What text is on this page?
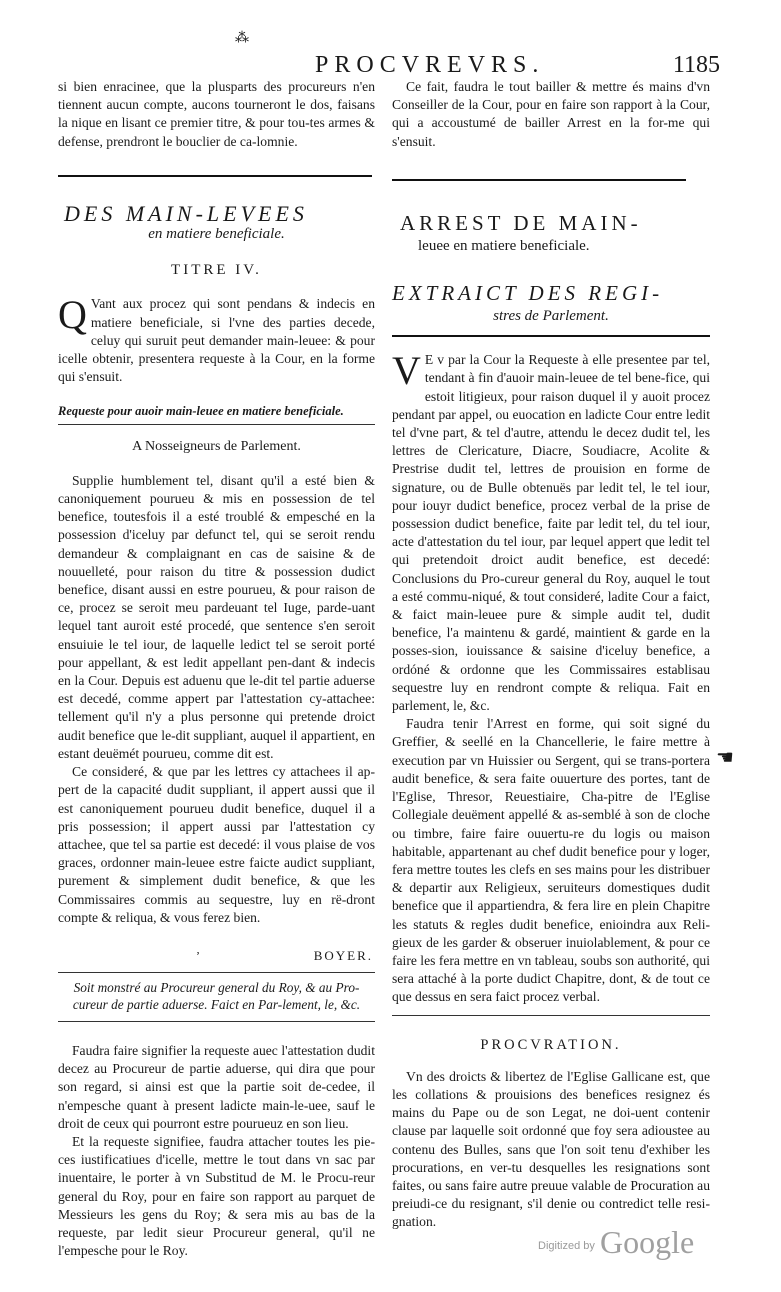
⁂
PROCVREVRS.	1185

si bien enracinee, que la plusparts des procureurs n'en tiennent aucun compte, aucons tourneront le dos, faisans la nique en lisant ce premier titre, & pour tou-tes armes & defense, prendront le bouclier de ca-lomnie.

DES MAIN-LEVEES
en matiere beneficiale.
TITRE IV.

Q Vant aux procez qui sont pendans & indecis en matiere beneficiale, si l'vne des parties decede, celuy qui suruit peut demander main-leuee: & pour icelle obtenir, presentera requeste à la Cour, en la forme qui s'ensuit.

Requeste pour auoir main-leuee en matiere beneficiale.
A Nosseigneurs de Parlement.

Supplie humblement tel, disant qu'il a esté bien & canoniquement pourueu & mis en possession de tel benefice, toutesfois il a esté troublé & empesché en la possession d'iceluy par defunct tel, qui se seroit rendu demandeur & complaignant en cas de saisine & de nouuelleté, pour raison du titre & possession dudict benefice, disant aussi en estre pourueu, & pour raison de ce, procez se seroit meu pardeuant tel Iuge, parde-uant lequel tant auroit esté procedé, que sentence s'en seroit ensuiuie le tel iour, de laquelle ledict tel se seroit porté pour appellant, & est ledit appellant pen-dant & indecis en la Cour. Depuis est aduenu que le-dit tel partie aduerse est decedé, comme appert par l'attestation cy-attachee: tellement qu'il n'y a plus personne qui pretende droict audit benefice que le-dit suppliant, auquel il appartient, en estant deuëmét pourueu, comme dit est.

Ce consideré, & que par les lettres cy attachees il ap-pert de la capacité dudit suppliant, il appert aussi que il est canoniquement pourueu dudit benefice, duquel il a pris possession; il appert aussi par l'attestation cy attachee, que tel sa partie est decedé: il vous plaise de vos graces, ordonner main-leuee estre faicte audict suppliant, purement & simplement dudit benefice, & que les Commissaires commis au sequestre, luy en rë-dront compte & reliqua, & vous ferez bien.

ʼ	BOYER.
Soit monstré au Procureur general du Roy, & au Pro-cureur de partie aduerse. Faict en Par-lement, le, &c.

Faudra faire signifier la requeste auec l'attestation dudit decez au Procureur de partie aduerse, qui dira que pour son regard, si ainsi est que la partie soit de-cedee, il n'empesche quant à present ladicte main-le-uee, sauf le droit de ceux qui pourront estre pourueuz en son lieu.

Et la requeste signifiee, faudra attacher toutes les pie-ces iustificatiues d'icelle, mettre le tout dans vn sac par inuentaire, le porter à vn Substitud de M. le Procu-reur general du Roy, pour en faire son rapport au parquet de Messieurs les gens du Roy; & sera mis au bas de la requeste, par ledit sieur Procureur general, qu'il ne l'empesche pour le Roy.

Ce fait, faudra le tout bailler & mettre és mains d'vn Conseiller de la Cour, pour en faire son rapport à la Cour, qui a accoustumé de bailler Arrest en la for-me qui s'ensuit.

ARREST DE MAIN-
leuee en matiere beneficiale.
EXTRAICT DES REGI-
stres de Parlement.

V E v par la Cour la Requeste à elle presentee par tel, tendant à fin d'auoir main-leuee de tel bene-fice, qui estoit litigieux, pour raison duquel il y auoit procez pendant par appel, ou euocation en ladicte Cour entre ledit tel d'vne part, & tel d'autre, attendu le decez dudit tel, les lettres de Clericature, Diacre, Soudiacre, Acolite & Prestrise dudit tel, lettres de prouision en forme de signature, ou de Bulle obtenuës par ledit tel, le tel iour, pour iouyr dudict benefice, procez verbal de la prise de possession dudict benefice, faite par ledit tel, du tel iour, acte d'attestation du tel iour, par lequel appert que ledit tel qui pretendoit droict audit benefice, est decedé: Conclusions du Pro-cureur general du Roy, auquel le tout a esté commu-niqué, & tout consideré, ladite Cour a faict, & faict main-leuee pure & simple audit tel, dudit benefice, l'a maintenu & gardé, maintient & garde en la posses-sion, iouissance & saisine d'iceluy benefice, a ordóné & ordonne que les Commissaires establisau sequestre luy en rendront compte & reliqua. Fait en parlement, le, &c.

Faudra tenir l'Arrest en forme, qui soit signé du Greffier, & seellé en la Chancellerie, le faire mettre à execution par vn Huissier ou Sergent, qui se trans-portera audit benefice, & sera faite ouuerture des portes, tant de l'Eglise, Thresor, Reuestiaire, Cha-pitre de l'Eglise Collegiale deuëment appellé & as-semblé à son de cloche ou timbre, faire faire ouuertu-re du logis ou maison habitable, appartenant au chef dudit benefice pour y loger, fera mettre toutes les clefs en ses mains pour les distribuer & departir aux Religieux, seruiteurs domestiques dudit benefice que il appartiendra, & fera lire en plein Chapitre les statuts & regles dudit benefice, enioindra aux Reli-gieux de les garder & obseruer inuiolablement, & pour ce faire les fera mettre en vn tableau, soubs son authorité, qui sera attaché à la porte dudict Chapitre, dont, & de tout ce que dessus en sera faict procez verbal.

PROCVRATION.

Vn des droicts & libertez de l'Eglise Gallicane est, que les collations & prouisions des benefices resignez és mains du Pape ou de son Legat, ne doi-uent contenir clause par laquelle soit ordonné que foy sera adioustee au contenu des Bulles, sans que l'on soit tenu d'exhiber les procurations, en ver-tu desquelles les resignations sont faites, ou sans faire autre preuue valable de Procuration au preiudi-ce du resignant, s'il denie ou contredict telle resi-gnation.

☚
Digitized by Google
